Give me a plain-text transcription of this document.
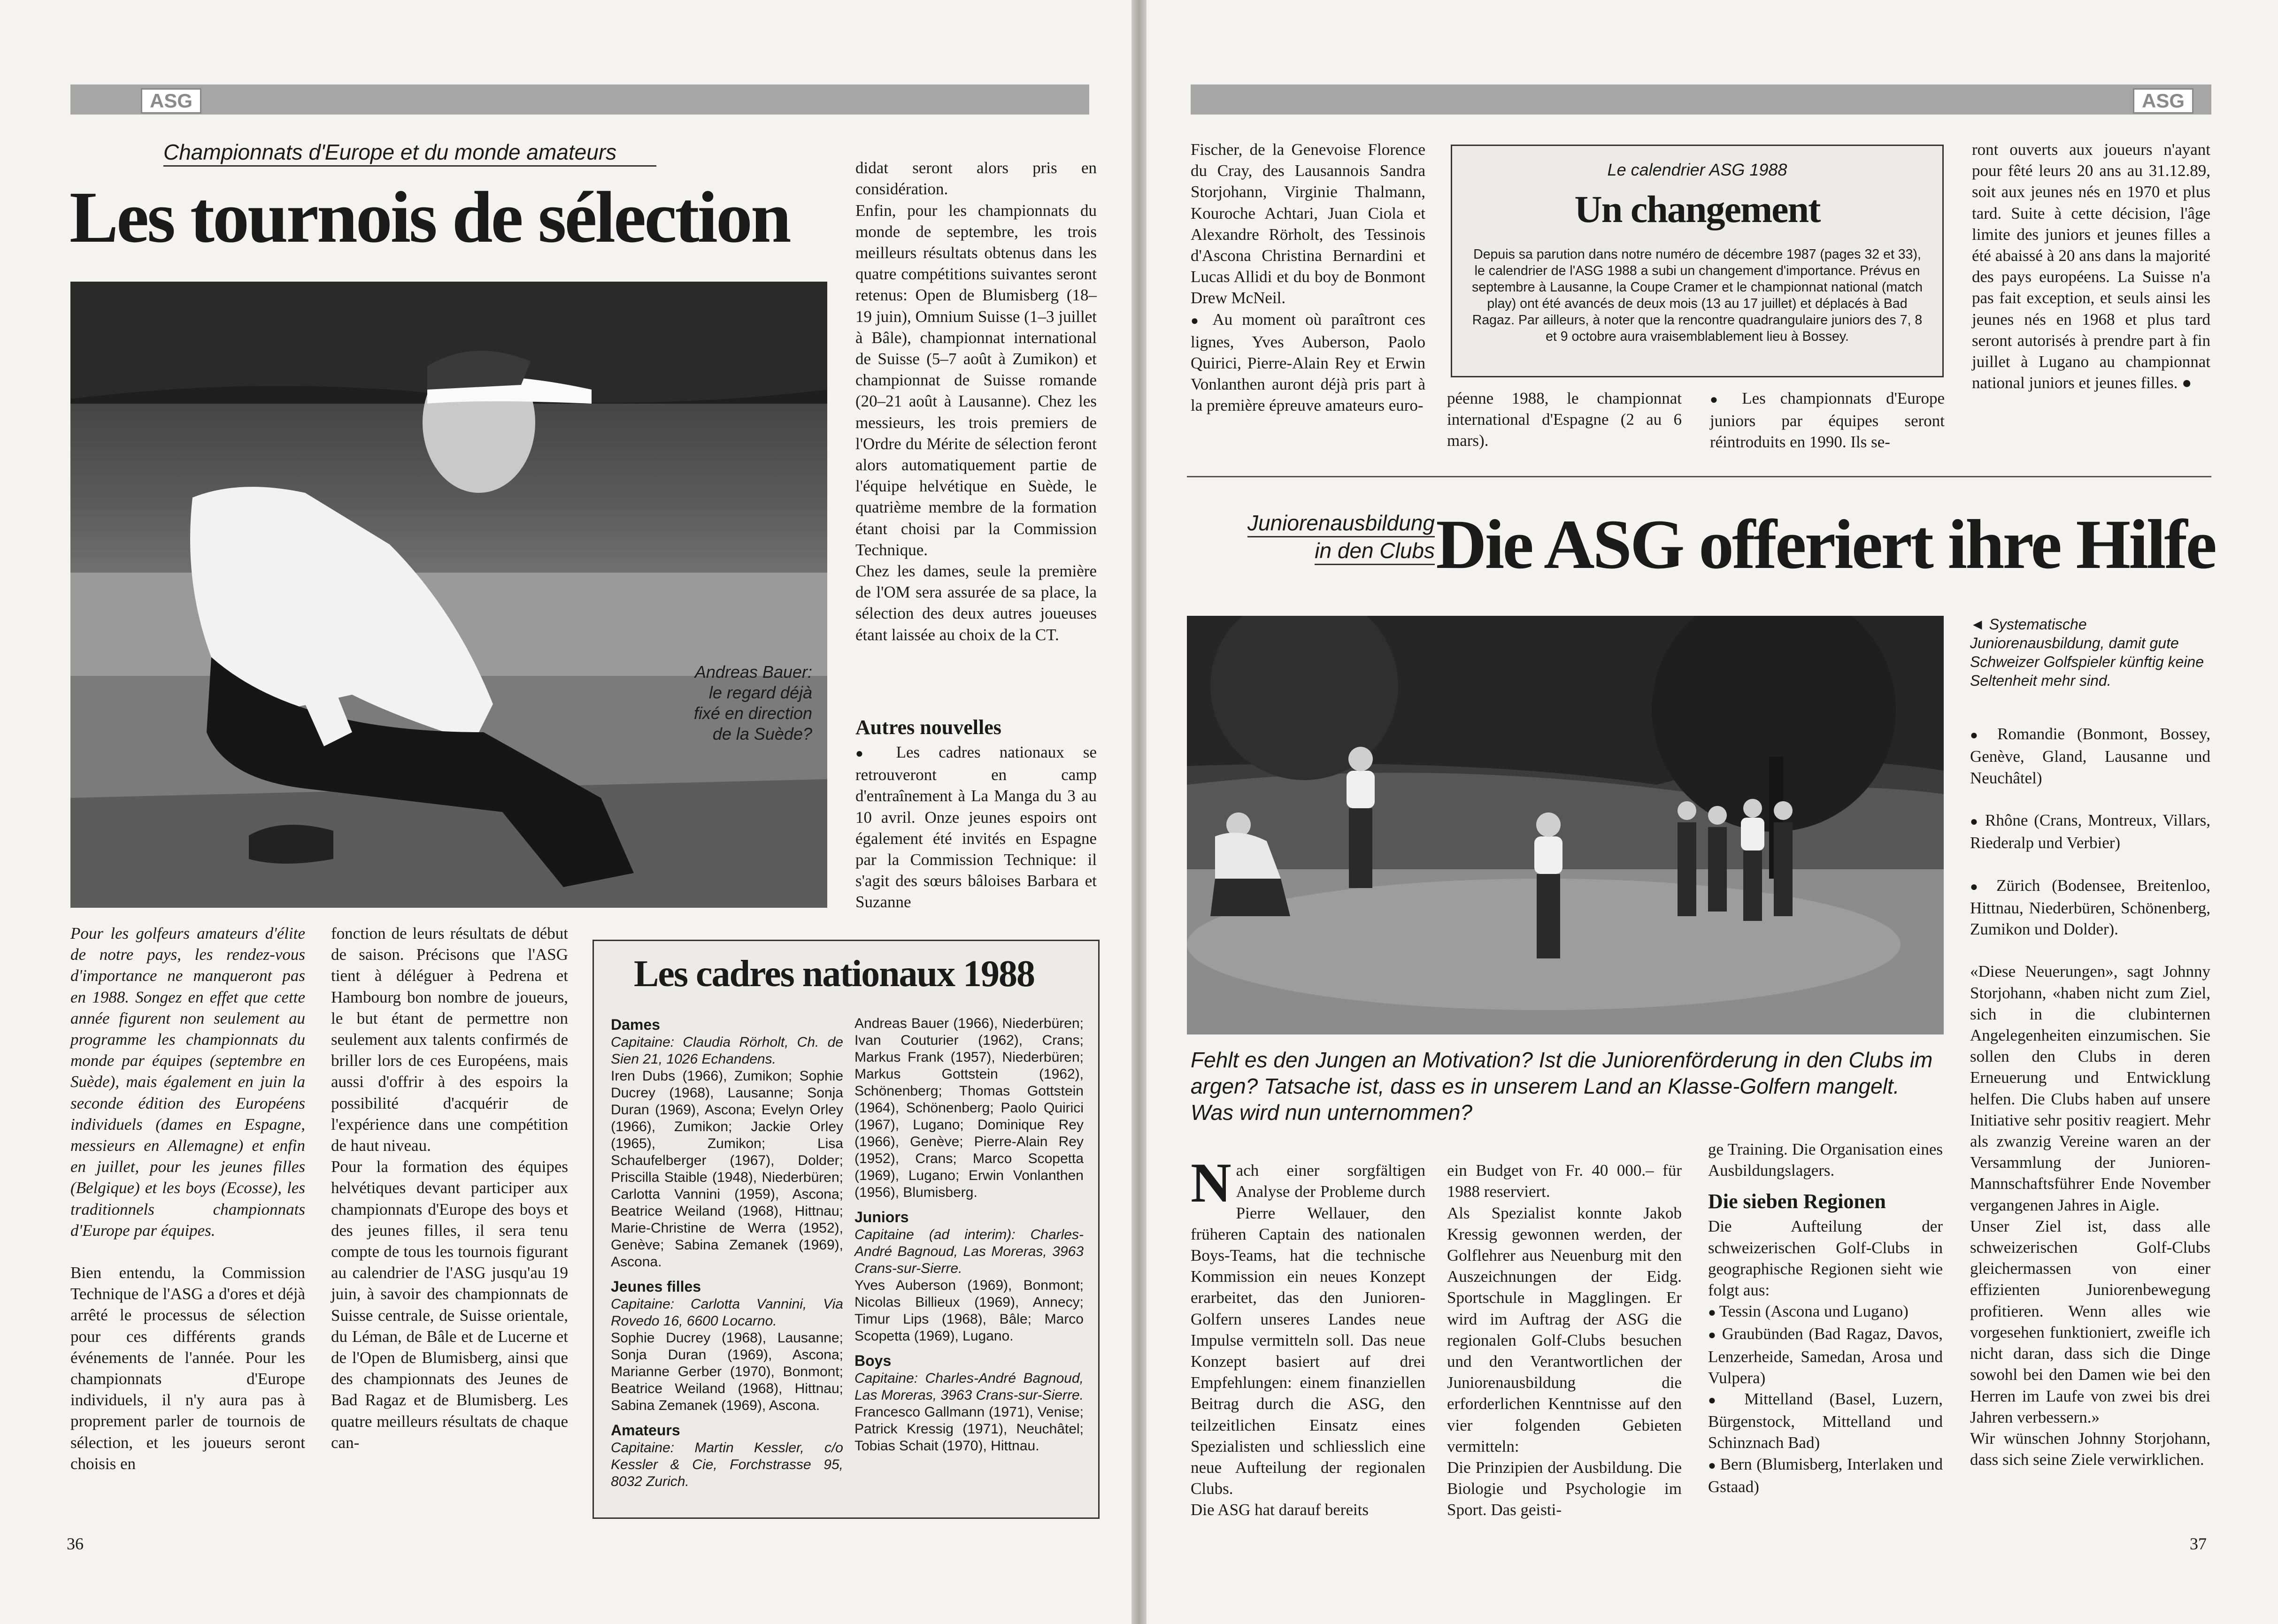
ASG
Championnats d'Europe et du monde amateurs
Les tournois de sélection
Andreas Bauer:
le regard déjà
fixé en direction
de la Suède?

Pour les golfeurs amateurs d'élite de notre pays, les rendez-vous d'importance ne manqueront pas en 1988. Songez en effet que cette année figurent non seulement au programme les championnats du monde par équipes (septembre en Suède), mais également en juin la seconde édition des Européens individuels (dames en Espagne, messieurs en Allemagne) et enfin en juillet, pour les jeunes filles (Belgique) et les boys (Ecosse), les traditionnels championnats d'Europe par équipes.

Bien entendu, la Commission Technique de l'ASG a d'ores et déjà arrêté le processus de sélection pour ces différents grands événements de l'année. Pour les championnats d'Europe individuels, il n'y aura pas à proprement parler de tournois de sélection, et les joueurs seront choisis en

fonction de leurs résultats de début de saison. Précisons que l'ASG tient à déléguer à Pedrena et Hambourg bon nombre de joueurs, le but étant de permettre non seulement aux talents confirmés de briller lors de ces Européens, mais aussi d'offrir à des espoirs la possibilité d'acquérir de l'expérience dans une compétition de haut niveau.

Pour la formation des équipes helvétiques devant participer aux championnats d'Europe des boys et des jeunes filles, il sera tenu compte de tous les tournois figurant au calendrier de l'ASG jusqu'au 19 juin, à savoir des championnats de Suisse centrale, de Suisse orientale, du Léman, de Bâle et de Lucerne et de l'Open de Blumisberg, ainsi que des championnats des Jeunes de Bad Ragaz et de Blumisberg. Les quatre meilleurs résultats de chaque can-

didat seront alors pris en considération.
Enfin, pour les championnats du monde de septembre, les trois meilleurs résultats obtenus dans les quatre compétitions suivantes seront retenus: Open de Blumisberg (18–19 juin), Omnium Suisse (1–3 juillet à Bâle), championnat international de Suisse (5–7 août à Zumikon) et championnat de Suisse romande (20–21 août à Lausanne). Chez les messieurs, les trois premiers de l'Ordre du Mérite de sélection feront alors automatiquement partie de l'équipe helvétique en Suède, le quatrième membre de la formation étant choisi par la Commission Technique.
Chez les dames, seule la première de l'OM sera assurée de sa place, la sélection des deux autres joueuses étant laissée au choix de la CT.

Autres nouvelles

● Les cadres nationaux se retrouveront en camp d'entraînement à La Manga du 3 au 10 avril. Onze jeunes espoirs ont également été invités en Espagne par la Commission Technique: il s'agit des sœurs bâloises Barbara et Suzanne

Les cadres nationaux 1988
Dames
Capitaine: Claudia Rörholt, Ch. de Sien 21, 1026 Echandens.
Iren Dubs (1966), Zumikon; Sophie Ducrey (1968), Lausanne; Sonja Duran (1969), Ascona; Evelyn Orley (1966), Zumikon; Jackie Orley (1965), Zumikon; Lisa Schaufelberger (1967), Dolder; Priscilla Staible (1948), Niederbüren; Carlotta Vannini (1959), Ascona; Beatrice Weiland (1968), Hittnau; Marie-Christine de Werra (1952), Genève; Sabina Zemanek (1969), Ascona.
Jeunes filles
Capitaine: Carlotta Vannini, Via Rovedo 16, 6600 Locarno.
Sophie Ducrey (1968), Lausanne; Sonja Duran (1969), Ascona; Marianne Gerber (1970), Bonmont; Beatrice Weiland (1968), Hittnau; Sabina Zemanek (1969), Ascona.
Amateurs
Capitaine: Martin Kessler, c/o Kessler & Cie, Forchstrasse 95, 8032 Zurich.
Andreas Bauer (1966), Niederbüren; Ivan Couturier (1962), Crans; Markus Frank (1957), Niederbüren; Markus Gottstein (1962), Schönenberg; Thomas Gottstein (1964), Schönenberg; Paolo Quirici (1967), Lugano; Dominique Rey (1966), Genève; Pierre-Alain Rey (1952), Crans; Marco Scopetta (1969), Lugano; Erwin Vonlanthen (1956), Blumisberg.
Juniors
Capitaine (ad interim): Charles-André Bagnoud, Las Moreras, 3963 Crans-sur-Sierre.
Yves Auberson (1969), Bonmont; Nicolas Billieux (1969), Annecy; Timur Lips (1968), Bâle; Marco Scopetta (1969), Lugano.
Boys
Capitaine: Charles-André Bagnoud, Las Moreras, 3963 Crans-sur-Sierre.
Francesco Gallmann (1971), Venise; Patrick Kressig (1971), Neuchâtel; Tobias Schait (1970), Hittnau.
36
ASG

Fischer, de la Genevoise Florence du Cray, des Lausannois Sandra Storjohann, Virginie Thalmann, Kouroche Achtari, Juan Ciola et Alexandre Rörholt, des Tessinois d'Ascona Christina Bernardini et Lucas Allidi et du boy de Bonmont Drew McNeil.

● Au moment où paraîtront ces lignes, Yves Auberson, Paolo Quirici, Pierre-Alain Rey et Erwin Vonlanthen auront déjà pris part à la première épreuve amateurs euro-

Le calendrier ASG 1988
Un changement
Depuis sa parution dans notre numéro de décembre 1987 (pages 32 et 33), le calendrier de l'ASG 1988 a subi un changement d'importance. Prévus en septembre à Lausanne, la Coupe Cramer et le championnat national (match play) ont été avancés de deux mois (13 au 17 juillet) et déplacés à Bad Ragaz. Par ailleurs, à noter que la rencontre quadrangulaire juniors des 7, 8 et 9 octobre aura vraisemblablement lieu à Bossey.

péenne 1988, le championnat international d'Espagne (2 au 6 mars).

● Les championnats d'Europe juniors par équipes seront réintroduits en 1990. Ils se-

ront ouverts aux joueurs n'ayant pour fêté leurs 20 ans au 31.12.89, soit aux jeunes nés en 1970 et plus tard. Suite à cette décision, l'âge limite des juniors et jeunes filles a été abaissé à 20 ans dans la majorité des pays européens. La Suisse n'a pas fait exception, et seuls ainsi les jeunes nés en 1968 et plus tard seront autorisés à prendre part à fin juillet à Lugano au championnat national juniors et jeunes filles. ●

Juniorenausbildung
in den Clubs Die ASG offeriert ihre Hilfe
◄ Systematische Juniorenausbildung, damit gute Schweizer Golfspieler künftig keine Seltenheit mehr sind.
Fehlt es den Jungen an Motivation? Ist die Juniorenförderung in den Clubs im argen? Tatsache ist, dass es in unserem Land an Klasse-Golfern mangelt. Was wird nun unternommen?

Nach einer sorgfältigen Analyse der Probleme durch Pierre Wellauer, den früheren Captain des nationalen Boys-Teams, hat die technische Kommission ein neues Konzept erarbeitet, das den Junioren-Golfern unseres Landes neue Impulse vermitteln soll. Das neue Konzept basiert auf drei Empfehlungen: einem finanziellen Beitrag durch die ASG, den teilzeitlichen Einsatz eines Spezialisten und schliesslich eine neue Aufteilung der regionalen Clubs.
Die ASG hat darauf bereits

ein Budget von Fr. 40 000.– für 1988 reserviert.
Als Spezialist konnte Jakob Kressig gewonnen werden, der Golflehrer aus Neuenburg mit den Auszeichnungen der Eidg. Sportschule in Magglingen. Er wird im Auftrag der ASG die regionalen Golf-Clubs besuchen und den Verantwortlichen der Juniorenausbildung die erforderlichen Kenntnisse auf den vier folgenden Gebieten vermitteln:
Die Prinzipien der Ausbildung. Die Biologie und Psychologie im Sport. Das geisti-

ge Training. Die Organisation eines Ausbildungslagers.

Die sieben Regionen

Die Aufteilung der schweizerischen Golf-Clubs in geographische Regionen sieht wie folgt aus:

● Tessin (Ascona und Lugano)

● Graubünden (Bad Ragaz, Davos, Lenzerheide, Samedan, Arosa und Vulpera)

● Mittelland (Basel, Luzern, Bürgenstock, Mittelland und Schinznach Bad)

● Bern (Blumisberg, Interlaken und Gstaad)

● Romandie (Bonmont, Bossey, Genève, Gland, Lausanne und Neuchâtel)

● Rhône (Crans, Montreux, Villars, Riederalp und Verbier)

● Zürich (Bodensee, Breitenloo, Hittnau, Niederbüren, Schönenberg, Zumikon und Dolder).

«Diese Neuerungen», sagt Johnny Storjohann, «haben nicht zum Ziel, sich in die clubinternen Angelegenheiten einzumischen. Sie sollen den Clubs in deren Erneuerung und Entwicklung helfen. Die Clubs haben auf unsere Initiative sehr positiv reagiert. Mehr als zwanzig Vereine waren an der Versammlung der Junioren-Mannschaftsführer Ende November vergangenen Jahres in Aigle.
Unser Ziel ist, dass alle schweizerischen Golf-Clubs gleichermassen von einer effizienten Juniorenbewegung profitieren. Wenn alles wie vorgesehen funktioniert, zweifle ich nicht daran, dass sich die Dinge sowohl bei den Damen wie bei den Herren im Laufe von zwei bis drei Jahren verbessern.»
Wir wünschen Johnny Storjohann, dass sich seine Ziele verwirklichen.

37
